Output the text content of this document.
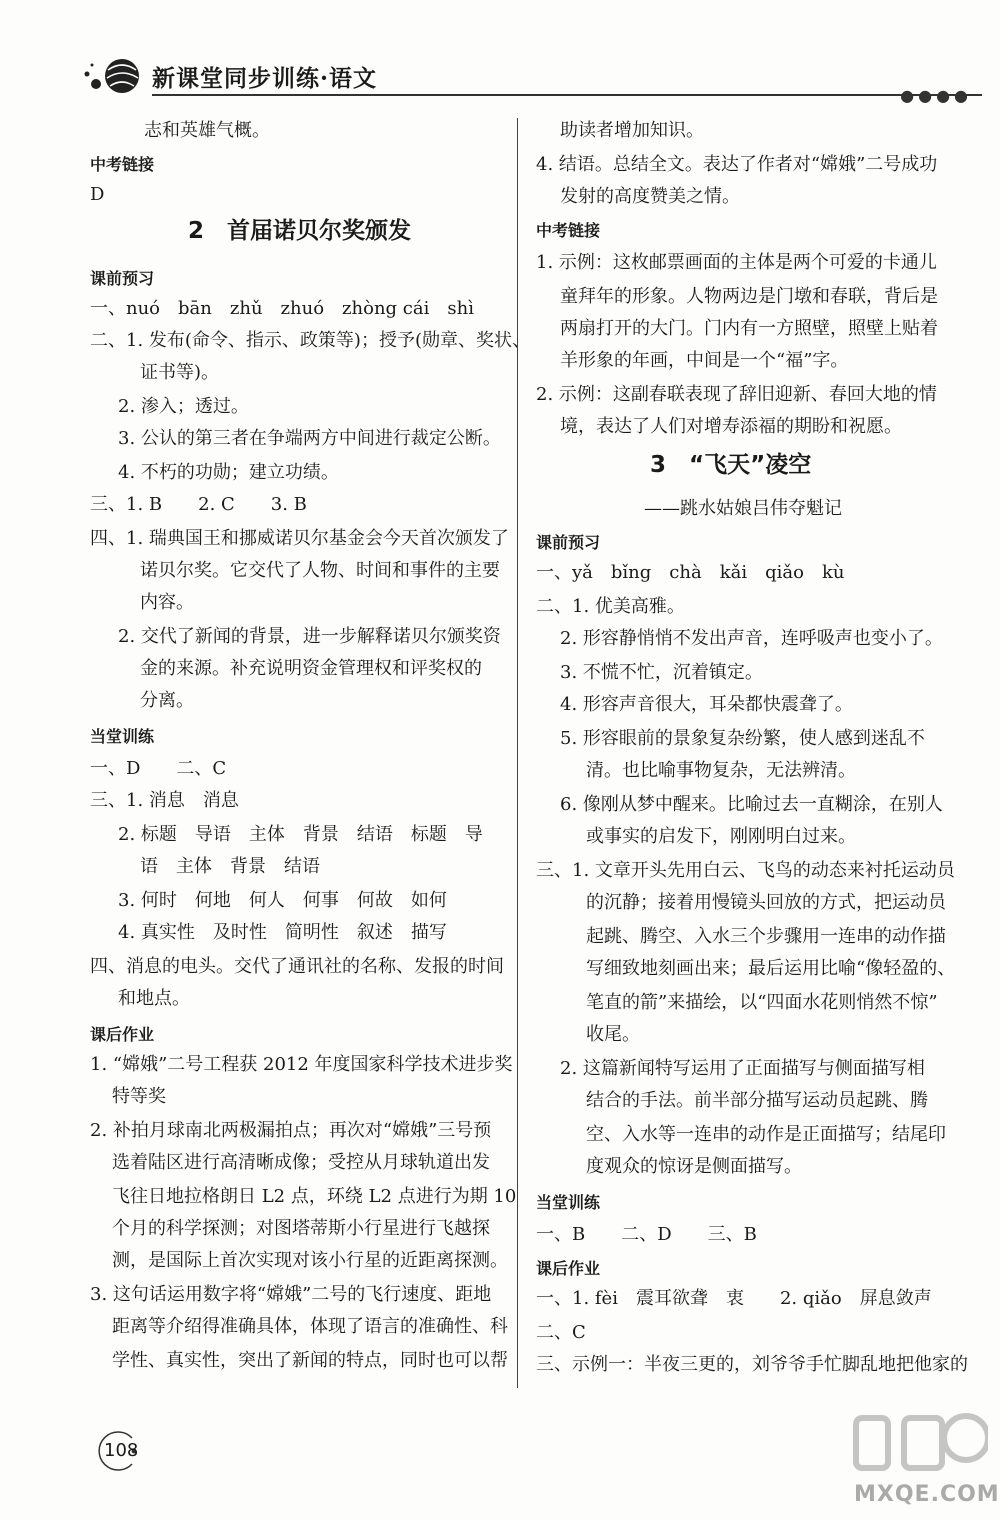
新课堂同步训练·语文
●●●●
志和英雄气概。
中考链接
D
2　首届诺贝尔奖颁发
课前预习
一、nuó　bān　zhǔ　zhuó　zhòng cái　shì
二、1. 发布(命令、指示、政策等)；授予(勋章、奖状、
证书等)。
2. 渗入；透过。
3. 公认的第三者在争端两方中间进行裁定公断。
4. 不朽的功勋；建立功绩。
三、1. B　　2. C　　3. B
四、1. 瑞典国王和挪威诺贝尔基金会今天首次颁发了
诺贝尔奖。它交代了人物、时间和事件的主要
内容。
2. 交代了新闻的背景，进一步解释诺贝尔颁奖资
金的来源。补充说明资金管理权和评奖权的
分离。
当堂训练
一、D　　二、C
三、1. 消息　消息
2. 标题　导语　主体　背景　结语　标题　导
语　主体　背景　结语
3. 何时　何地　何人　何事　何故　如何
4. 真实性　及时性　简明性　叙述　描写
四、消息的电头。交代了通讯社的名称、发报的时间
和地点。
课后作业
1. “嫦娥”二号工程获 2012 年度国家科学技术进步奖
特等奖
2. 补拍月球南北两极漏拍点；再次对“嫦娥”三号预
选着陆区进行高清晰成像；受控从月球轨道出发
飞往日地拉格朗日 L2 点，环绕 L2 点进行为期 10
个月的科学探测；对图塔蒂斯小行星进行飞越探
测，是国际上首次实现对该小行星的近距离探测。
3. 这句话运用数字将“嫦娥”二号的飞行速度、距地
距离等介绍得准确具体，体现了语言的准确性、科
学性、真实性，突出了新闻的特点，同时也可以帮
助读者增加知识。
4. 结语。总结全文。表达了作者对“嫦娥”二号成功
发射的高度赞美之情。
中考链接
1. 示例：这枚邮票画面的主体是两个可爱的卡通儿
童拜年的形象。人物两边是门墩和春联，背后是
两扇打开的大门。门内有一方照壁，照壁上贴着
羊形象的年画，中间是一个“福”字。
2. 示例：这副春联表现了辞旧迎新、春回大地的情
境，表达了人们对增寿添福的期盼和祝愿。
3　“飞天”凌空
——跳水姑娘吕伟夺魁记
课前预习
一、yǎ　bǐng　chà　kǎi　qiǎo　kù
二、1. 优美高雅。
2. 形容静悄悄不发出声音，连呼吸声也变小了。
3. 不慌不忙，沉着镇定。
4. 形容声音很大，耳朵都快震聋了。
5. 形容眼前的景象复杂纷繁，使人感到迷乱不
清。也比喻事物复杂，无法辨清。
6. 像刚从梦中醒来。比喻过去一直糊涂，在别人
或事实的启发下，刚刚明白过来。
三、1. 文章开头先用白云、飞鸟的动态来衬托运动员
的沉静；接着用慢镜头回放的方式，把运动员
起跳、腾空、入水三个步骤用一连串的动作描
写细致地刻画出来；最后运用比喻“像轻盈的、
笔直的箭”来描绘，以“四面水花则悄然不惊”
收尾。
2. 这篇新闻特写运用了正面描写与侧面描写相
结合的手法。前半部分描写运动员起跳、腾
空、入水等一连串的动作是正面描写；结尾印
度观众的惊讶是侧面描写。
当堂训练
一、B　　二、D　　三、B
课后作业
一、1. fèi　震耳欲聋　衷　　2. qiǎo　屏息敛声
二、C
三、示例一：半夜三更的，刘爷爷手忙脚乱地把他家的
108
MXQE.COM
